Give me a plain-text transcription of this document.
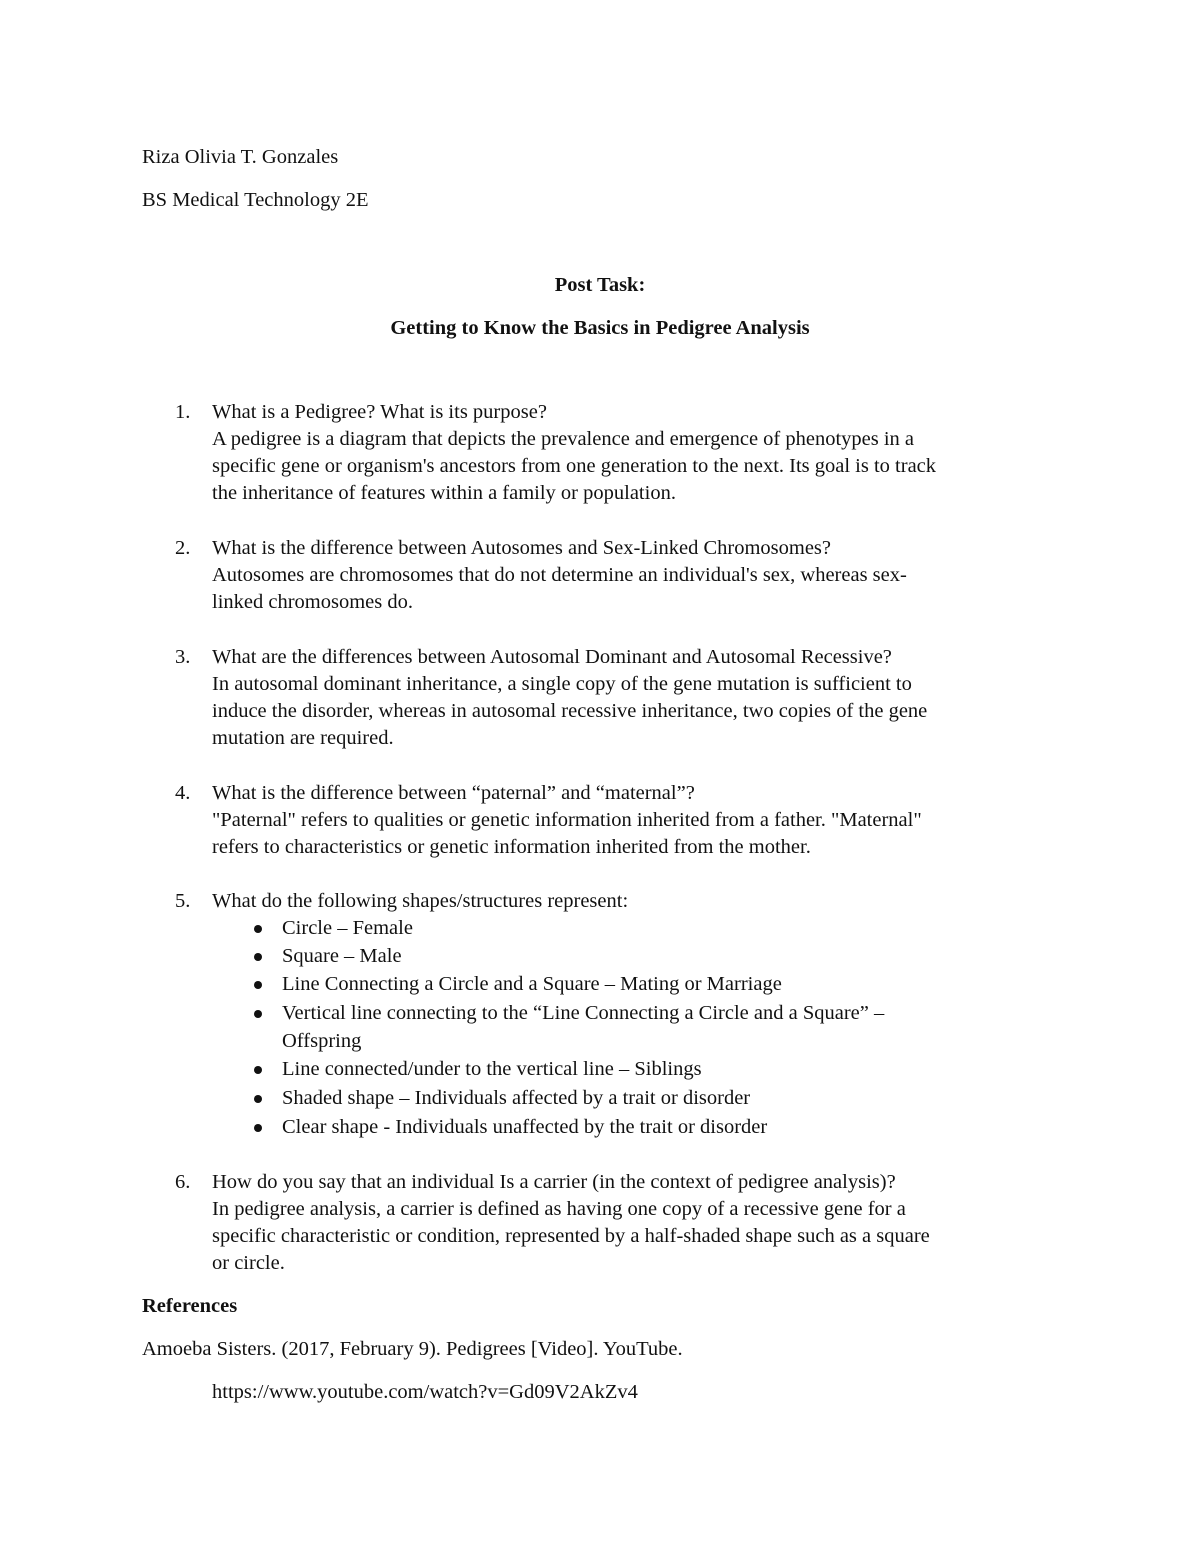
Riza Olivia T. Gonzales
BS Medical Technology 2E
Post Task:
Getting to Know the Basics in Pedigree Analysis
1. What is a Pedigree? What is its purpose?
A pedigree is a diagram that depicts the prevalence and emergence of phenotypes in a
specific gene or organism's ancestors from one generation to the next. Its goal is to track
the inheritance of features within a family or population.
2. What is the difference between Autosomes and Sex-Linked Chromosomes?
Autosomes are chromosomes that do not determine an individual's sex, whereas sex-
linked chromosomes do.
3. What are the differences between Autosomal Dominant and Autosomal Recessive?
In autosomal dominant inheritance, a single copy of the gene mutation is sufficient to
induce the disorder, whereas in autosomal recessive inheritance, two copies of the gene
mutation are required.
4. What is the difference between “paternal” and “maternal”?
"Paternal" refers to qualities or genetic information inherited from a father. "Maternal"
refers to characteristics or genetic information inherited from the mother.
5. What do the following shapes/structures represent:
Circle – Female
Square – Male
Line Connecting a Circle and a Square – Mating or Marriage
Vertical line connecting to the “Line Connecting a Circle and a Square” –
Offspring
Line connected/under to the vertical line – Siblings
Shaded shape – Individuals affected by a trait or disorder
Clear shape - Individuals unaffected by the trait or disorder
6. How do you say that an individual Is a carrier (in the context of pedigree analysis)?
In pedigree analysis, a carrier is defined as having one copy of a recessive gene for a
specific characteristic or condition, represented by a half-shaded shape such as a square
or circle.
References
Amoeba Sisters. (2017, February 9). Pedigrees [Video]. YouTube.
https://www.youtube.com/watch?v=Gd09V2AkZv4
